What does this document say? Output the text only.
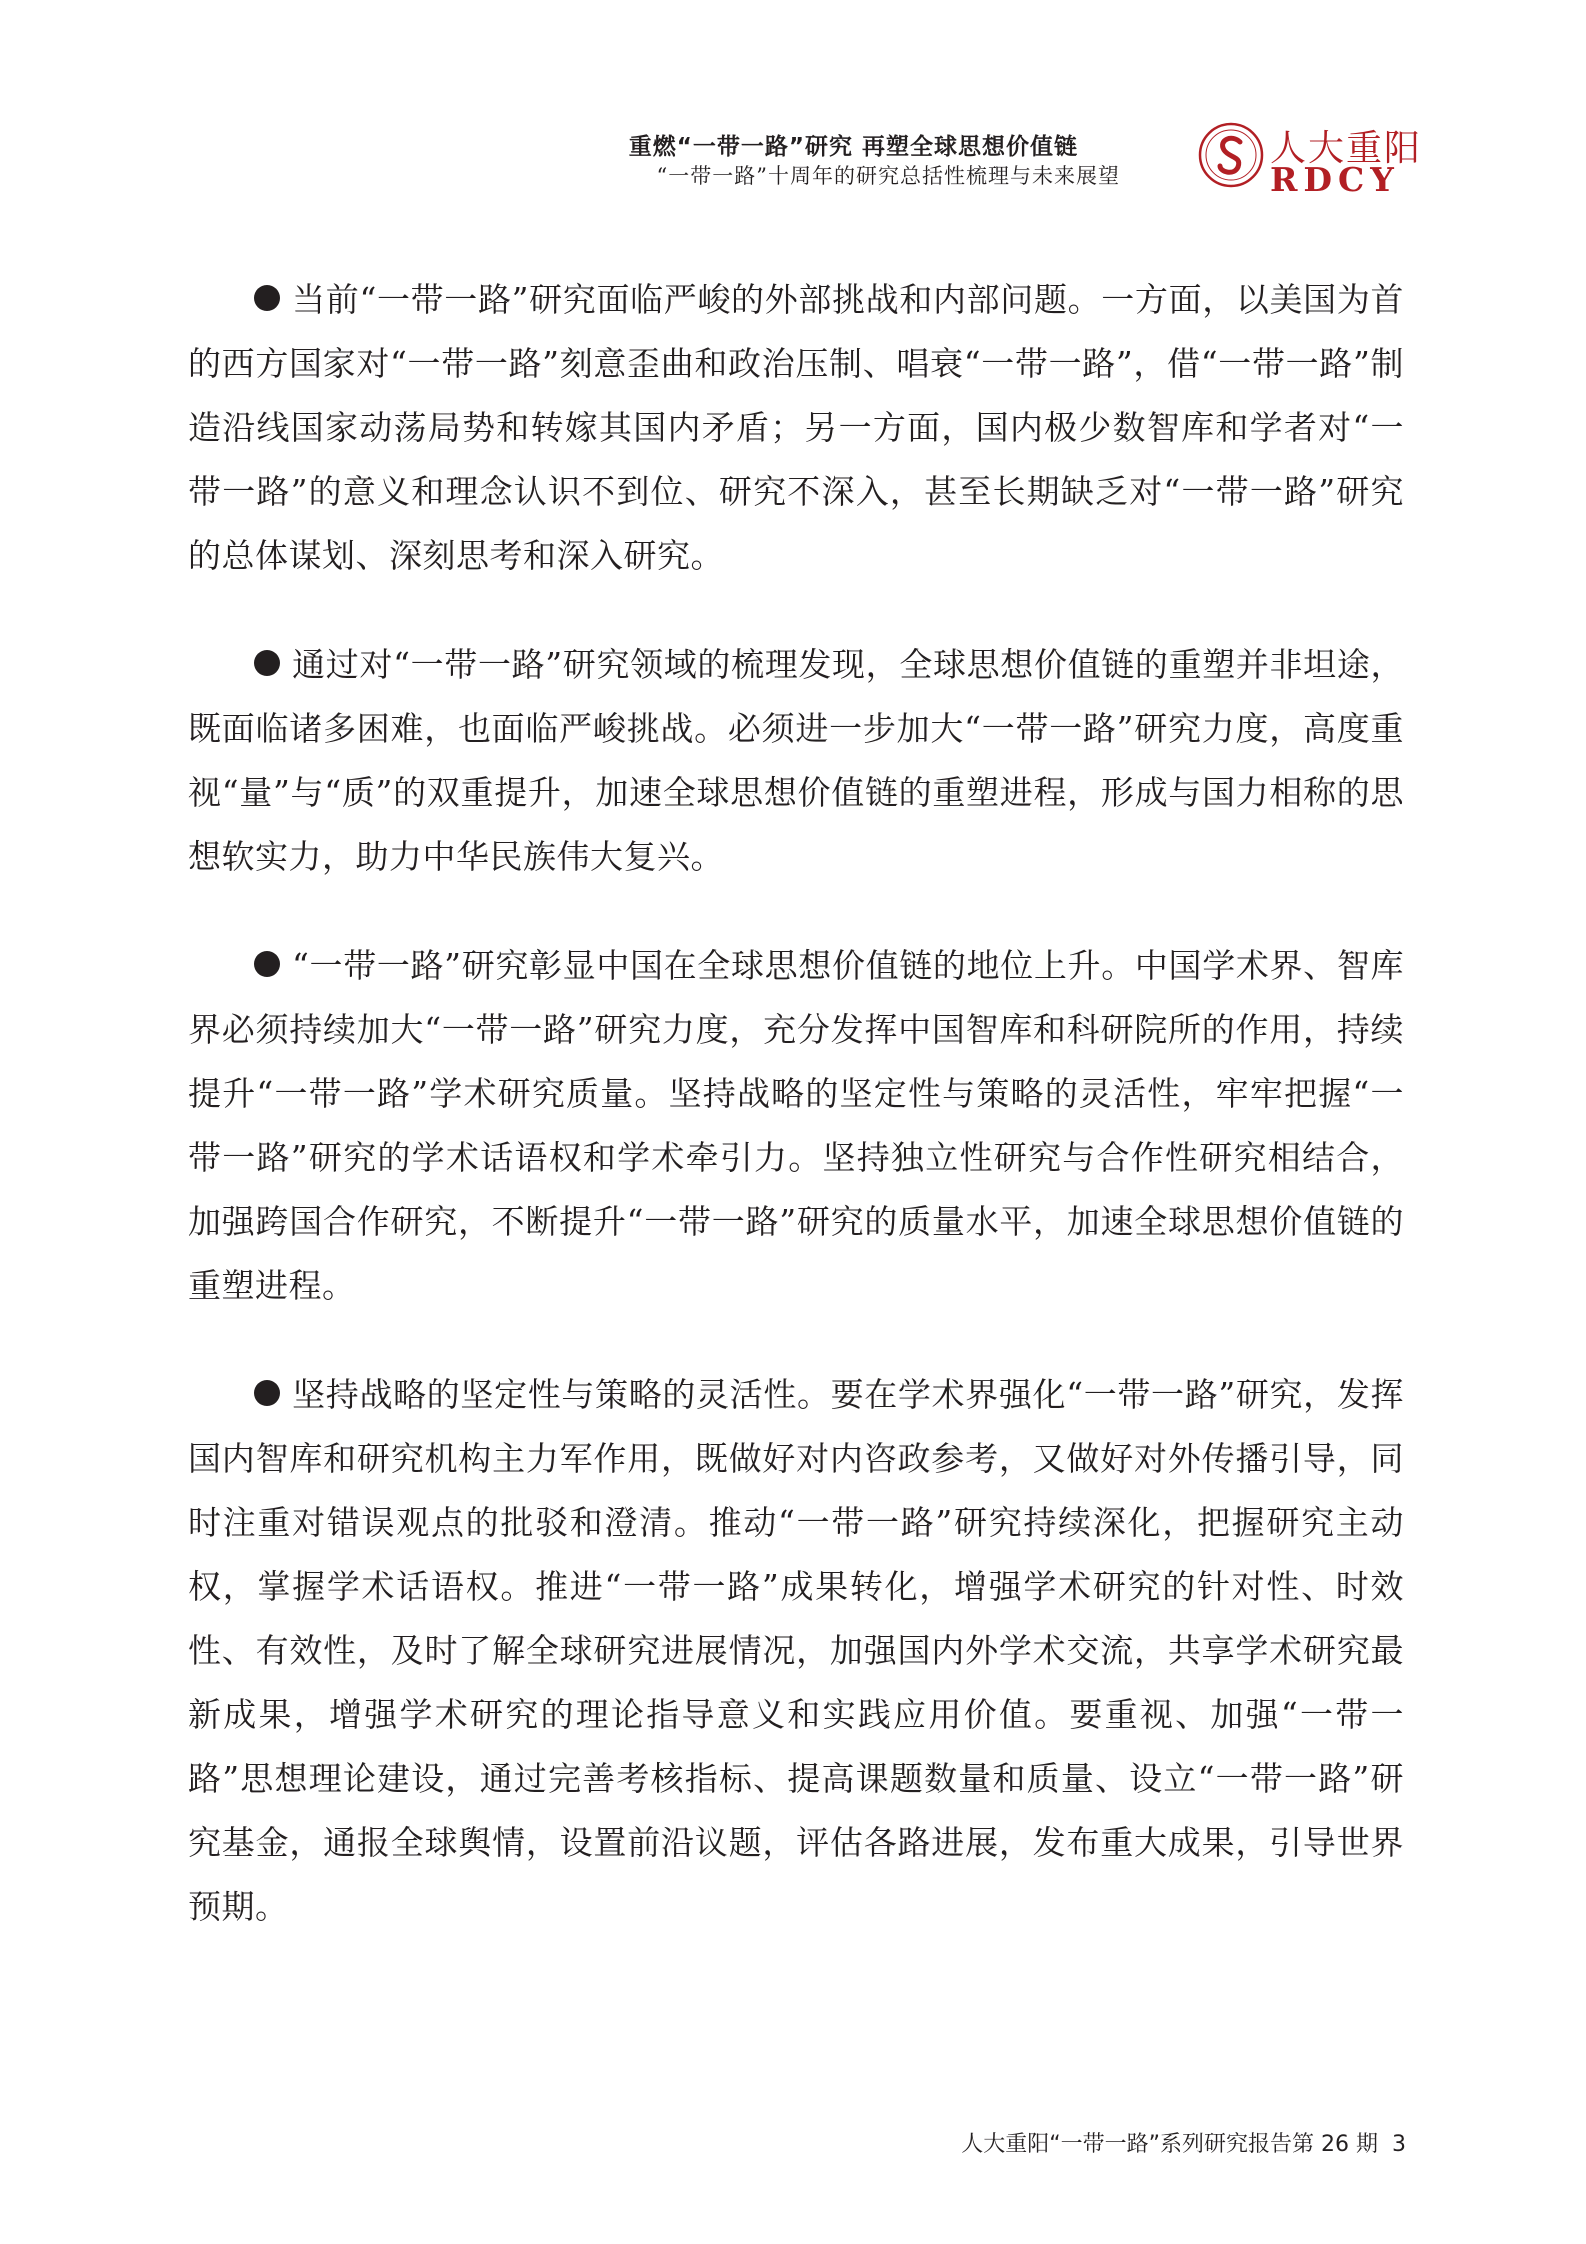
重燃“一带一路”研究 再塑全球思想价值链
“一带一路”十周年的研究总括性梳理与未来展望
人大重阳
RDCY

当前“一带一路”研究面临严峻的外部挑战和内部问题。一方面，以美国为首的西方国家对“一带一路”刻意歪曲和政治压制、唱衰“一带一路”，借“一带一路”制造沿线国家动荡局势和转嫁其国内矛盾；另一方面，国内极少数智库和学者对“一带一路”的意义和理念认识不到位、研究不深入，甚至长期缺乏对“一带一路”研究的总体谋划、深刻思考和深入研究。

通过对“一带一路”研究领域的梳理发现，全球思想价值链的重塑并非坦途，既面临诸多困难，也面临严峻挑战。必须进一步加大“一带一路”研究力度，高度重视“量”与“质”的双重提升，加速全球思想价值链的重塑进程，形成与国力相称的思想软实力，助力中华民族伟大复兴。

“一带一路”研究彰显中国在全球思想价值链的地位上升。中国学术界、智库界必须持续加大“一带一路”研究力度，充分发挥中国智库和科研院所的作用，持续提升“一带一路”学术研究质量。坚持战略的坚定性与策略的灵活性，牢牢把握“一带一路”研究的学术话语权和学术牵引力。坚持独立性研究与合作性研究相结合，加强跨国合作研究，不断提升“一带一路”研究的质量水平，加速全球思想价值链的重塑进程。

坚持战略的坚定性与策略的灵活性。要在学术界强化“一带一路”研究，发挥国内智库和研究机构主力军作用，既做好对内咨政参考，又做好对外传播引导，同时注重对错误观点的批驳和澄清。推动“一带一路”研究持续深化，把握研究主动权，掌握学术话语权。推进“一带一路”成果转化，增强学术研究的针对性、时效性、有效性，及时了解全球研究进展情况，加强国内外学术交流，共享学术研究最新成果，增强学术研究的理论指导意义和实践应用价值。要重视、加强“一带一路”思想理论建设，通过完善考核指标、提高课题数量和质量、设立“一带一路”研究基金，通报全球舆情，设置前沿议题，评估各路进展，发布重大成果，引导世界预期。

人大重阳“一带一路”系列研究报告第 26 期 3
